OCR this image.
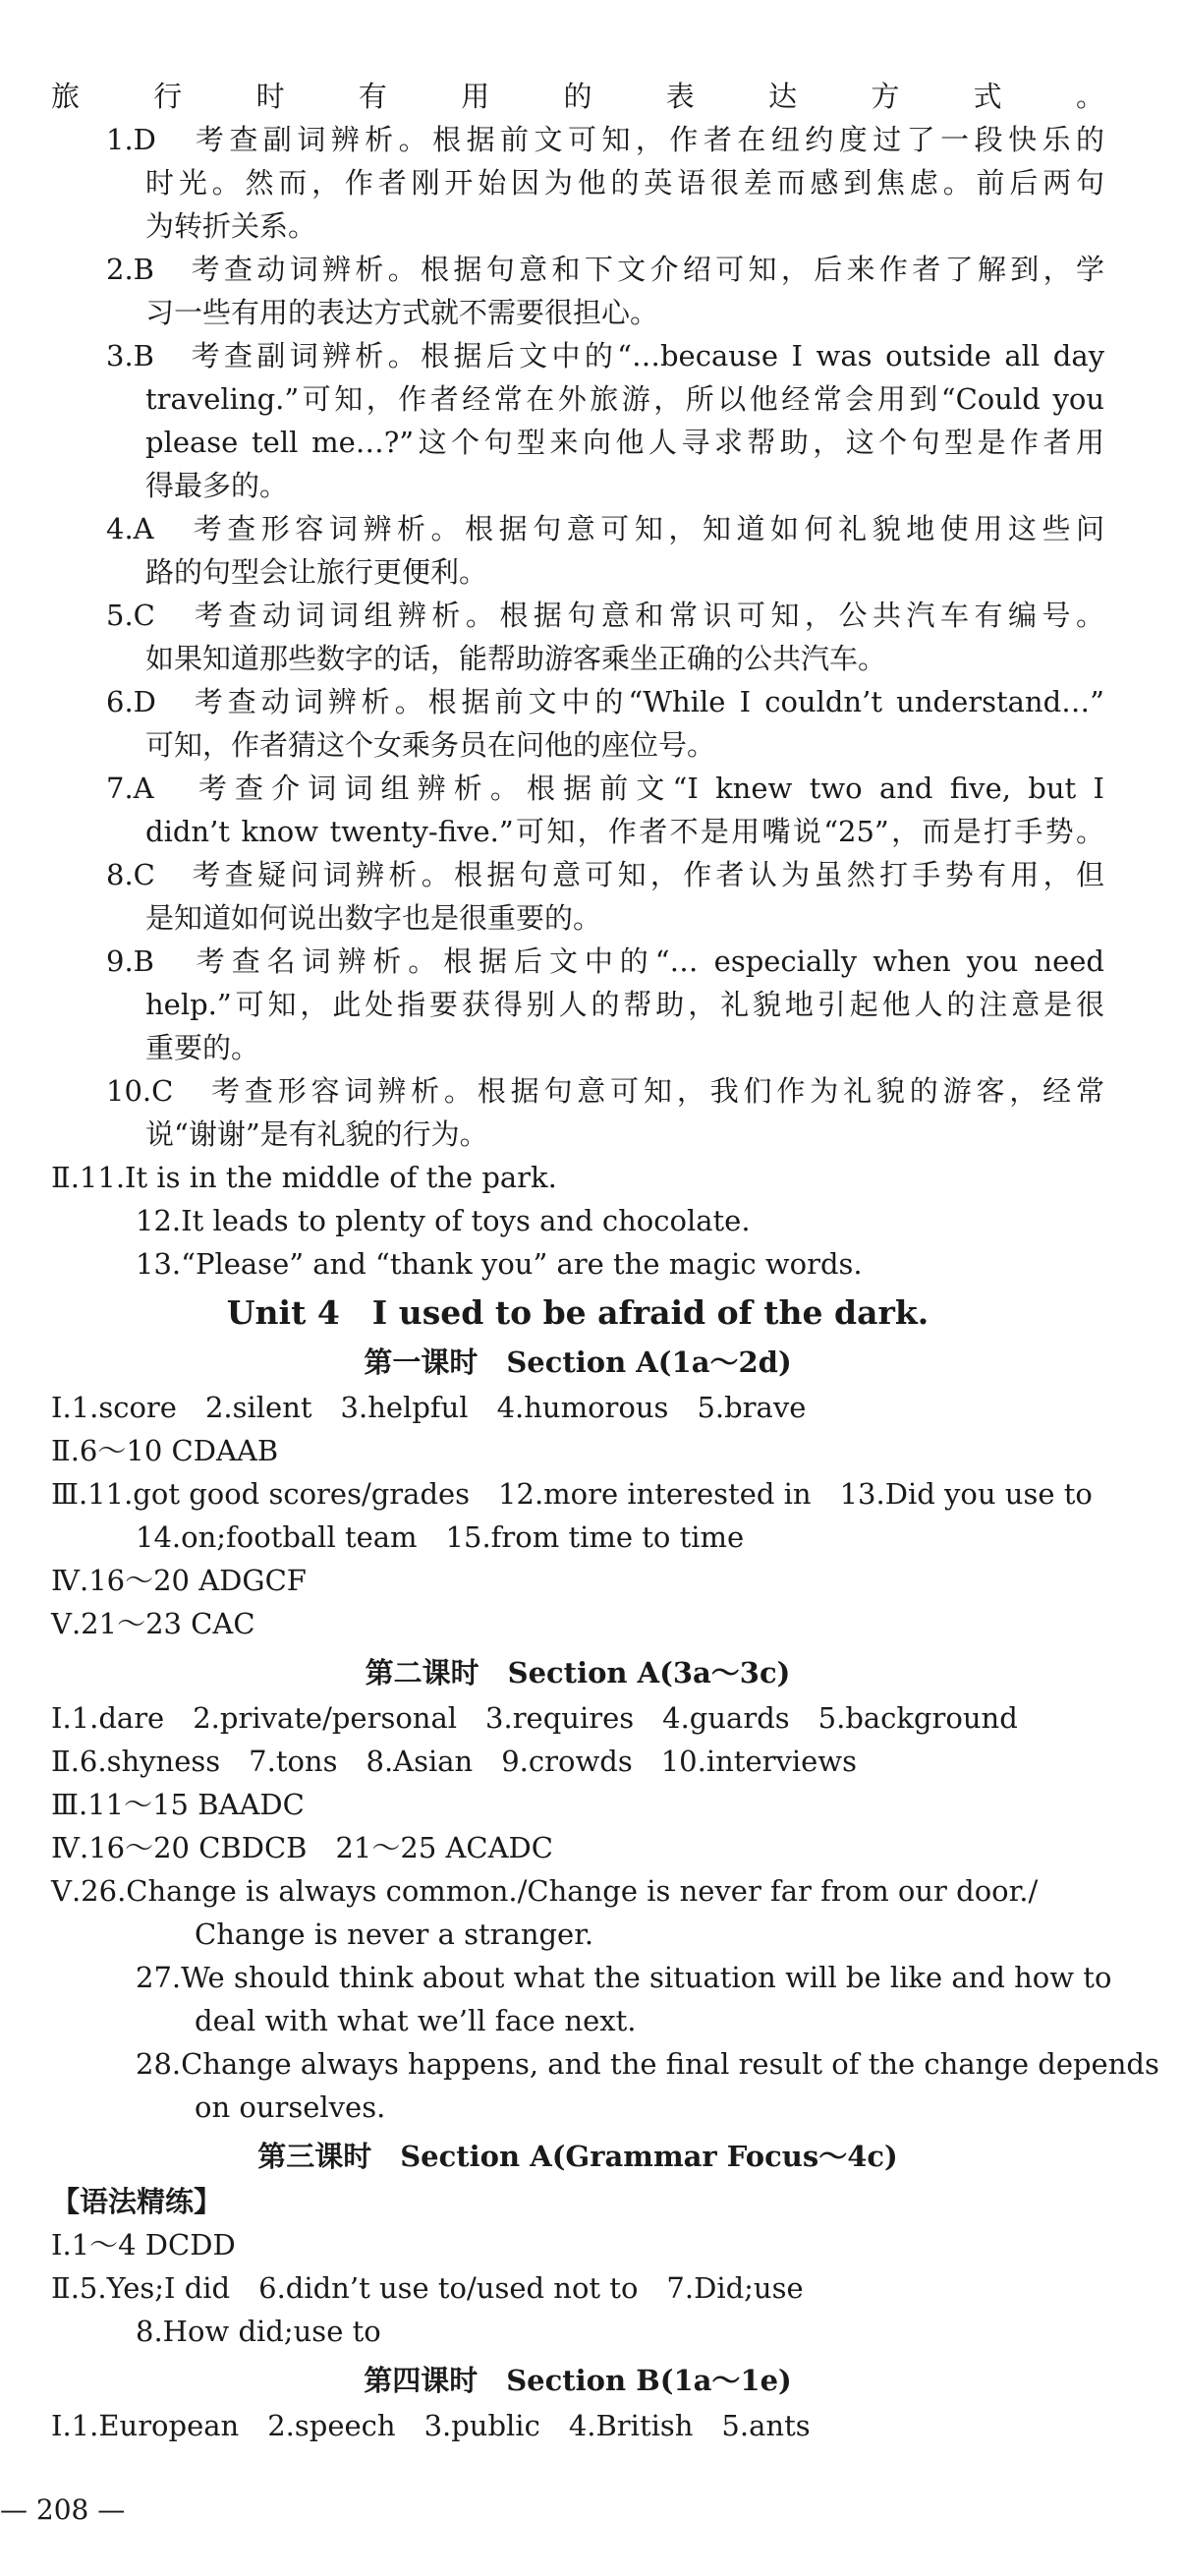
旅行时有用的表达方式。
1.D　考查副词辨析。根据前文可知，作者在纽约度过了一段快乐的
时光。然而，作者刚开始因为他的英语很差而感到焦虑。前后两句
为转折关系。
2.B　考查动词辨析。根据句意和下文介绍可知，后来作者了解到，学
习一些有用的表达方式就不需要很担心。
3.B　考查副词辨析。根据后文中的“…because I was outside all day
traveling.”可知，作者经常在外旅游，所以他经常会用到“Could you
please tell me…?”这个句型来向他人寻求帮助，这个句型是作者用
得最多的。
4.A　考查形容词辨析。根据句意可知，知道如何礼貌地使用这些问
路的句型会让旅行更便利。
5.C　考查动词词组辨析。根据句意和常识可知，公共汽车有编号。
如果知道那些数字的话，能帮助游客乘坐正确的公共汽车。
6.D　考查动词辨析。根据前文中的“While I couldn’t understand…”
可知，作者猜这个女乘务员在问他的座位号。
7.A　考查介词词组辨析。根据前文“I knew two and five, but I
didn’t know twenty-five.”可知，作者不是用嘴说“25”，而是打手势。
8.C　考查疑问词辨析。根据句意可知，作者认为虽然打手势有用，但
是知道如何说出数字也是很重要的。
9.B　考查名词辨析。根据后文中的“… especially when you need
help.”可知，此处指要获得别人的帮助，礼貌地引起他人的注意是很
重要的。
10.C　考查形容词辨析。根据句意可知，我们作为礼貌的游客，经常
说“谢谢”是有礼貌的行为。
Ⅱ.11.It is in the middle of the park.
12.It leads to plenty of toys and chocolate.
13.“Please” and “thank you” are the magic words.
Unit 4　I used to be afraid of the dark.
第一课时　Section A(1a～2d)
Ⅰ.1.score　2.silent　3.helpful　4.humorous　5.brave
Ⅱ.6～10 CDAAB
Ⅲ.11.got good scores/grades　12.more interested in　13.Did you use to
14.on;football team　15.from time to time
Ⅳ.16～20 ADGCF
Ⅴ.21～23 CAC
第二课时　Section A(3a～3c)
Ⅰ.1.dare　2.private/personal　3.requires　4.guards　5.background
Ⅱ.6.shyness　7.tons　8.Asian　9.crowds　10.interviews
Ⅲ.11～15 BAADC
Ⅳ.16～20 CBDCB　21～25 ACADC
Ⅴ.26.Change is always common./Change is never far from our door./
Change is never a stranger.
27.We should think about what the situation will be like and how to
deal with what we’ll face next.
28.Change always happens, and the final result of the change depends
on ourselves.
第三课时　Section A(Grammar Focus～4c)
【语法精练】
Ⅰ.1～4 DCDD
Ⅱ.5.Yes;I did　6.didn’t use to/used not to　7.Did;use
8.How did;use to
第四课时　Section B(1a～1e)
Ⅰ.1.European　2.speech　3.public　4.British　5.ants
— 208 —
